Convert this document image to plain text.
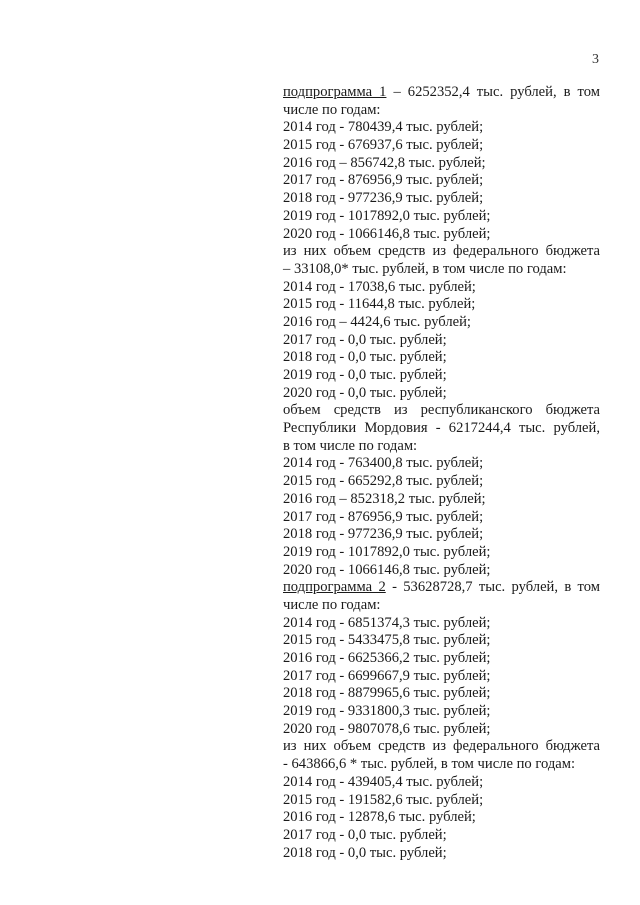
3
подпрограмма 1 – 6252352,4 тыс. рублей, в том
числе по годам:
2014 год - 780439,4 тыс. рублей;
2015 год - 676937,6 тыс. рублей;
2016 год – 856742,8 тыс. рублей;
2017 год - 876956,9 тыс. рублей;
2018 год - 977236,9 тыс. рублей;
2019 год - 1017892,0 тыс. рублей;
2020 год - 1066146,8 тыс. рублей;
из них объем средств из федерального бюджета
– 33108,0* тыс. рублей, в том числе по годам:
2014 год - 17038,6 тыс. рублей;
2015 год - 11644,8 тыс. рублей;
2016 год – 4424,6 тыс. рублей;
2017 год - 0,0 тыс. рублей;
2018 год - 0,0 тыс. рублей;
2019 год - 0,0 тыс. рублей;
2020 год - 0,0 тыс. рублей;
объем средств из республиканского бюджета
Республики Мордовия - 6217244,4 тыс. рублей,
в том числе по годам:
2014 год - 763400,8 тыс. рублей;
2015 год - 665292,8 тыс. рублей;
2016 год – 852318,2 тыс. рублей;
2017 год - 876956,9 тыс. рублей;
2018 год - 977236,9 тыс. рублей;
2019 год - 1017892,0 тыс. рублей;
2020 год - 1066146,8 тыс. рублей;
подпрограмма 2 - 53628728,7 тыс. рублей, в том
числе по годам:
2014 год - 6851374,3 тыс. рублей;
2015 год - 5433475,8 тыс. рублей;
2016 год - 6625366,2 тыс. рублей;
2017 год - 6699667,9 тыс. рублей;
2018 год - 8879965,6 тыс. рублей;
2019 год - 9331800,3 тыс. рублей;
2020 год - 9807078,6 тыс. рублей;
из них объем средств из федерального бюджета
- 643866,6 * тыс. рублей, в том числе по годам:
2014 год - 439405,4 тыс. рублей;
2015 год - 191582,6 тыс. рублей;
2016 год - 12878,6 тыс. рублей;
2017 год - 0,0 тыс. рублей;
2018 год - 0,0 тыс. рублей;
